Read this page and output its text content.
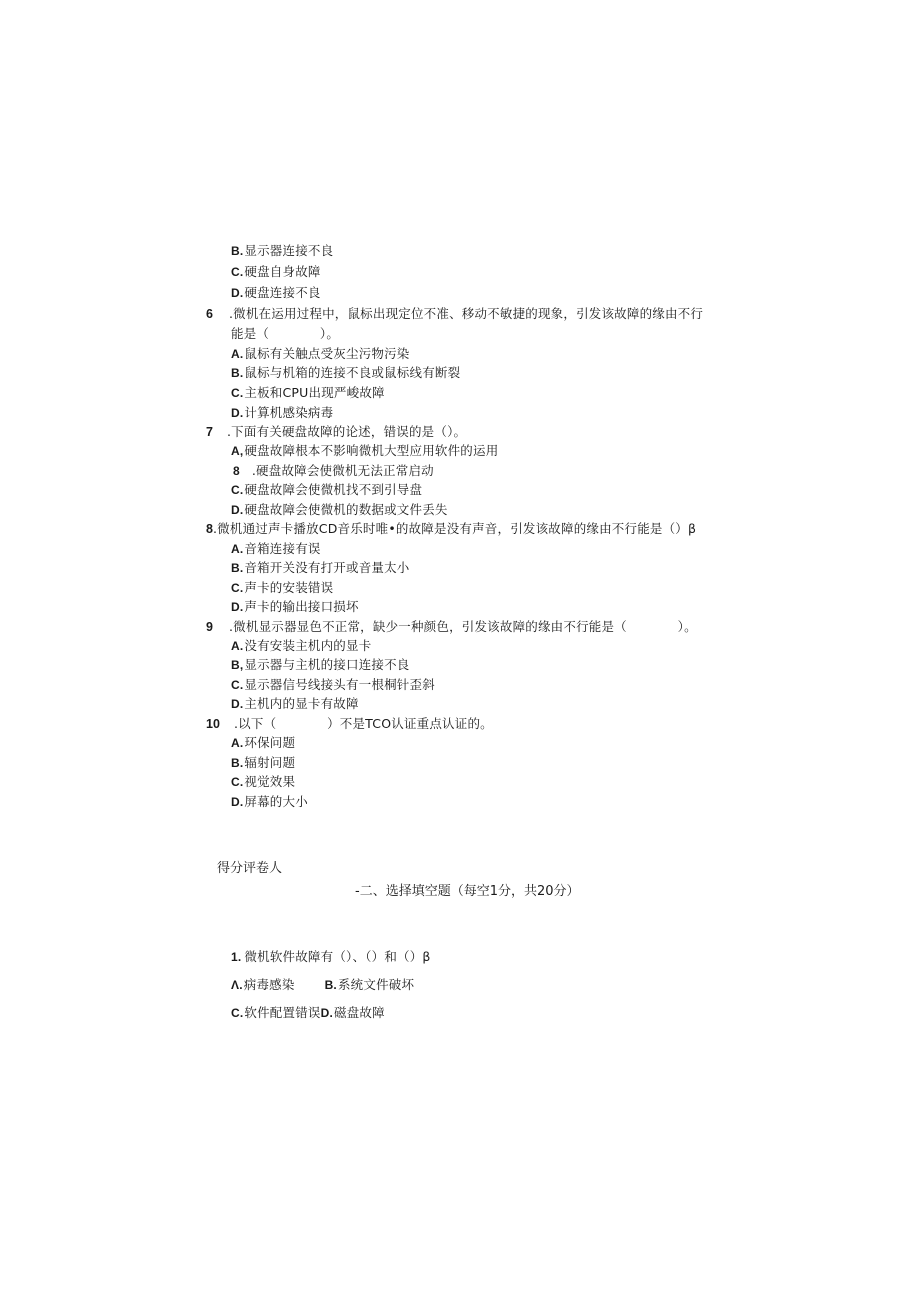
B.显示器连接不良
C.硬盘自身故障
D.硬盘连接不良
6 .微机在运用过程中，鼠标出现定位不准、移动不敏捷的现象，引发该故障的缘由不行
能是（　　　　）。
A.鼠标有关触点受灰尘污物污染
B.鼠标与机箱的连接不良或鼠标线有断裂
C.主板和CPU出现严峻故障
D.计算机感染病毒
7 .下面有关硬盘故障的论述，错误的是（）。
A,硬盘故障根本不影响微机大型应用软件的运用
8 .硬盘故障会使微机无法正常启动
C.硬盘故障会使微机找不到引导盘
D.硬盘故障会使微机的数据或文件丢失
8 .微机通过声卡播放CD音乐时唯•的故障是没有声音，引发该故障的缘由不行能是（）β
A.音箱连接有误
B.音箱开关没有打开或音量太小
C.声卡的安装错误
D.声卡的输出接口损坏
9 .微机显示器显色不正常，缺少一种颜色，引发该故障的缘由不行能是（　　　　）。
A.没有安装主机内的显卡
B,显示器与主机的接口连接不良
C.显示器信号线接头有一根桐针歪斜
D.主机内的显卡有故障
10 .以下（　　　　）不是TCO认证重点认证的。
A.环保问题
B.辐射问题
C.视觉效果
D.屏幕的大小
得分评卷人
-二、选择填空题（每空1分，共20分）
1. 微机软件故障有（）、（）和（）β
Λ.病毒感染	B.系统文件破坏
C.软件配置错误D.磁盘故障
